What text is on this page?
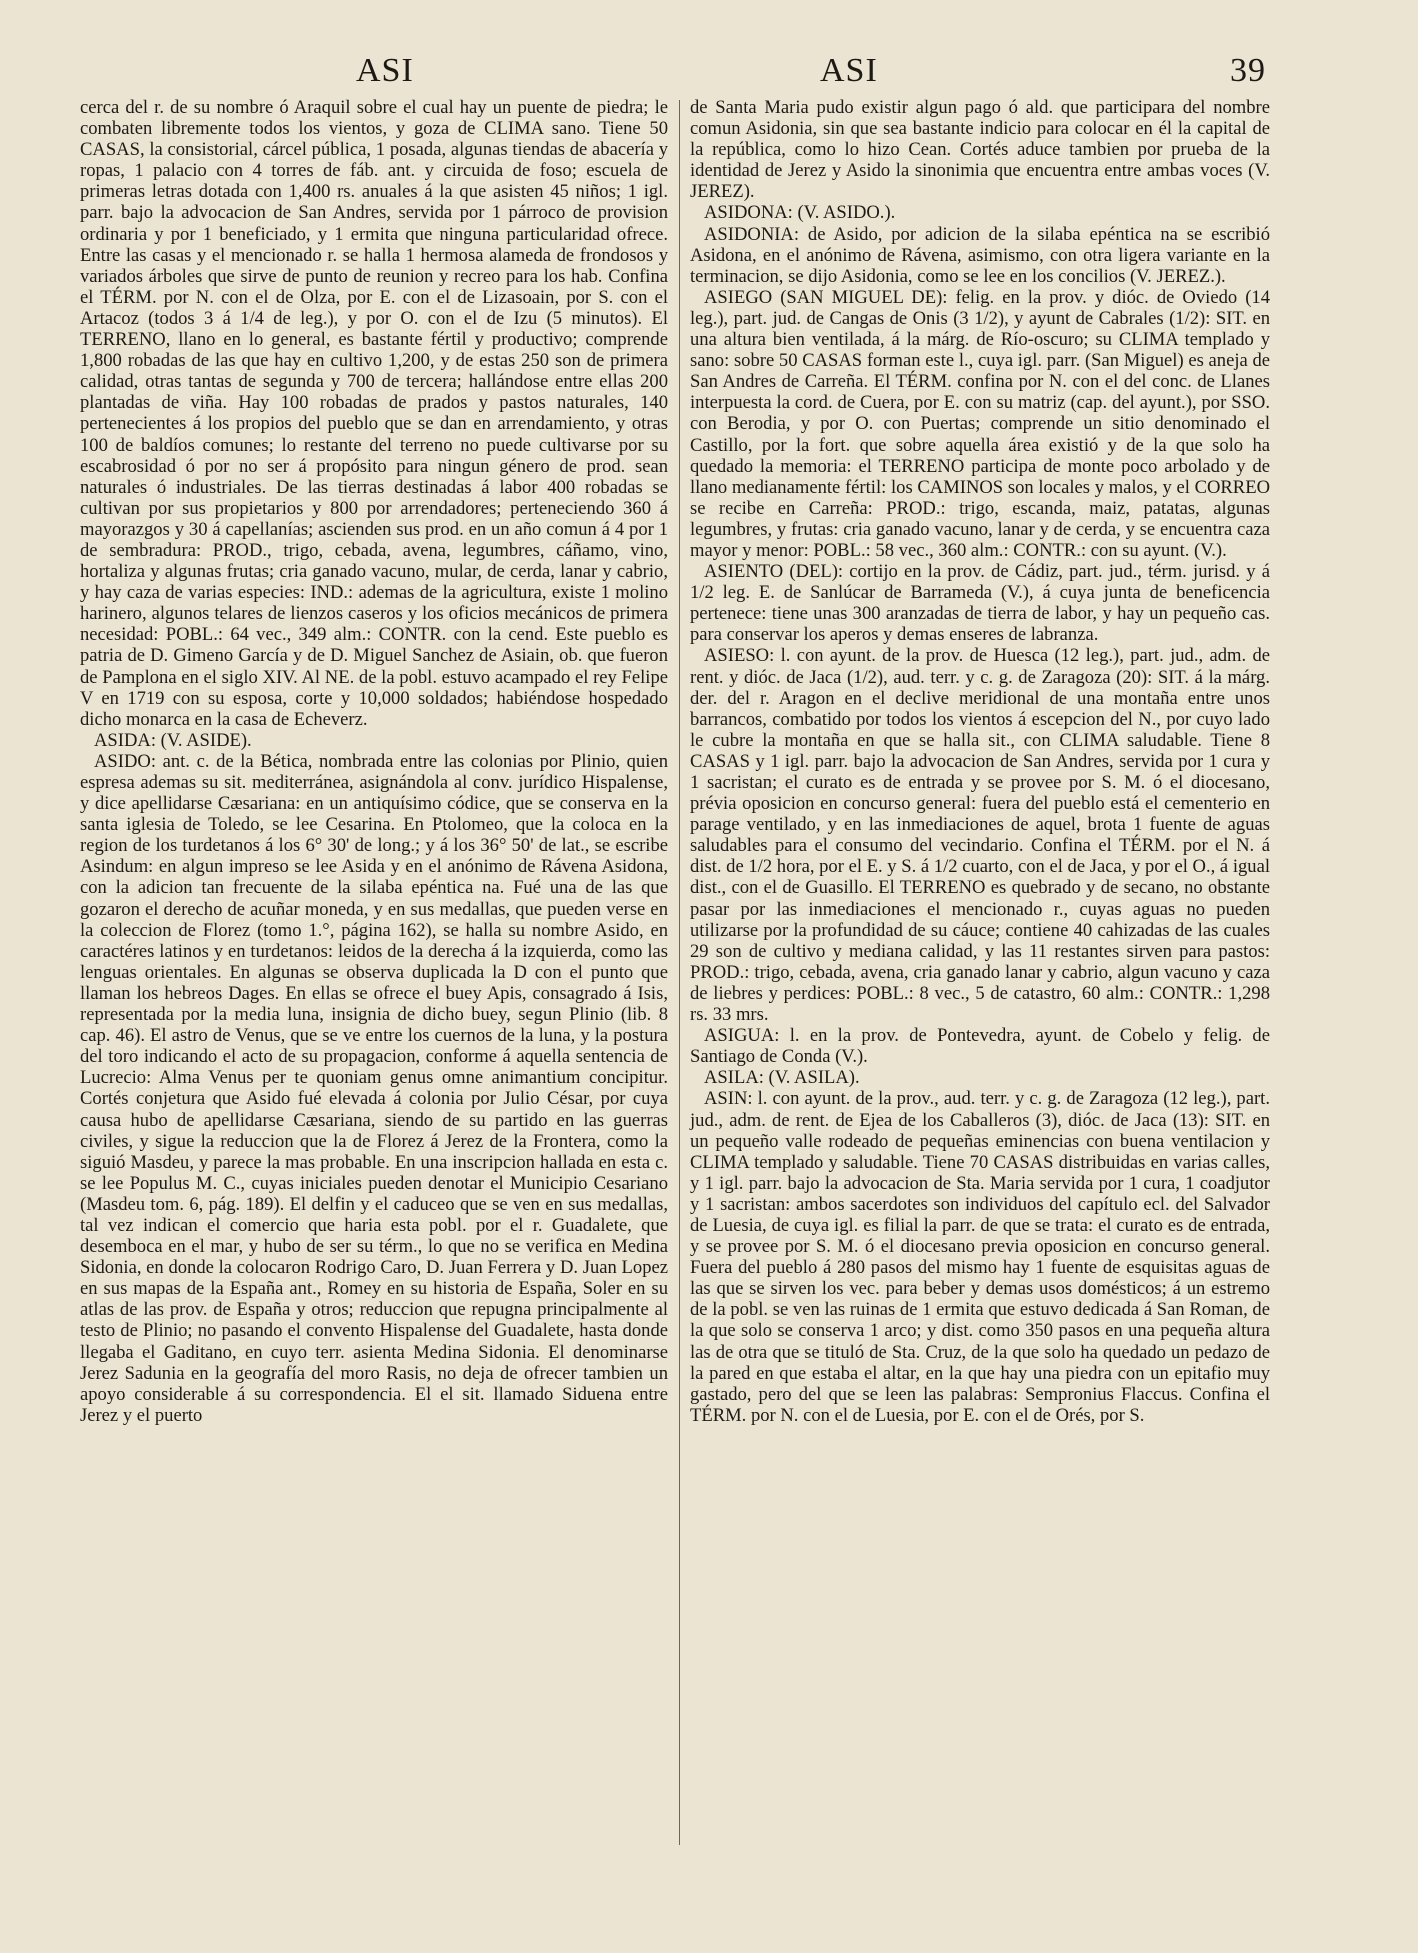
ASI	ASI	39

cerca del r. de su nombre ó Araquil sobre el cual hay un puente de piedra; le combaten libremente todos los vientos, y goza de CLIMA sano. Tiene 50 CASAS, la consistorial, cárcel pública, 1 posada, algunas tiendas de abacería y ropas, 1 palacio con 4 torres de fáb. ant. y circuida de foso; escuela de primeras letras dotada con 1,400 rs. anuales á la que asisten 45 niños; 1 igl. parr. bajo la advocacion de San Andres, servida por 1 párroco de provision ordinaria y por 1 beneficiado, y 1 ermita que ninguna particularidad ofrece. Entre las casas y el mencionado r. se halla 1 hermosa alameda de frondosos y variados árboles que sirve de punto de reunion y recreo para los hab. Confina el TÉRM. por N. con el de Olza, por E. con el de Lizasoain, por S. con el Artacoz (todos 3 á 1/4 de leg.), y por O. con el de Izu (5 minutos). El TERRENO, llano en lo general, es bastante fértil y productivo; comprende 1,800 robadas de las que hay en cultivo 1,200, y de estas 250 son de primera calidad, otras tantas de segunda y 700 de tercera; hallándose entre ellas 200 plantadas de viña. Hay 100 robadas de prados y pastos naturales, 140 pertenecientes á los propios del pueblo que se dan en arrendamiento, y otras 100 de baldíos comunes; lo restante del terreno no puede cultivarse por su escabrosidad ó por no ser á propósito para ningun género de prod. sean naturales ó industriales. De las tierras destinadas á labor 400 robadas se cultivan por sus propietarios y 800 por arrendadores; perteneciendo 360 á mayorazgos y 30 á capellanías; ascienden sus prod. en un año comun á 4 por 1 de sembradura: PROD., trigo, cebada, avena, legumbres, cáñamo, vino, hortaliza y algunas frutas; cria ganado vacuno, mular, de cerda, lanar y cabrio, y hay caza de varias especies: IND.: ademas de la agricultura, existe 1 molino harinero, algunos telares de lienzos caseros y los oficios mecánicos de primera necesidad: POBL.: 64 vec., 349 alm.: CONTR. con la cend. Este pueblo es patria de D. Gimeno García y de D. Miguel Sanchez de Asiain, ob. que fueron de Pamplona en el siglo XIV. Al NE. de la pobl. estuvo acampado el rey Felipe V en 1719 con su esposa, corte y 10,000 soldados; habiéndose hospedado dicho monarca en la casa de Echeverz.

ASIDA: (V. ASIDE).

ASIDO: ant. c. de la Bética, nombrada entre las colonias por Plinio, quien espresa ademas su sit. mediterránea, asignándola al conv. jurídico Hispalense, y dice apellidarse Cæsariana: en un antiquísimo códice, que se conserva en la santa iglesia de Toledo, se lee Cesarina. En Ptolomeo, que la coloca en la region de los turdetanos á los 6° 30' de long.; y á los 36° 50' de lat., se escribe Asindum: en algun impreso se lee Asida y en el anónimo de Rávena Asidona, con la adicion tan frecuente de la silaba epéntica na. Fué una de las que gozaron el derecho de acuñar moneda, y en sus medallas, que pueden verse en la coleccion de Florez (tomo 1.°, página 162), se halla su nombre Asido, en caractéres latinos y en turdetanos: leidos de la derecha á la izquierda, como las lenguas orientales. En algunas se observa duplicada la D con el punto que llaman los hebreos Dages. En ellas se ofrece el buey Apis, consagrado á Isis, representada por la media luna, insignia de dicho buey, segun Plinio (lib. 8 cap. 46). El astro de Venus, que se ve entre los cuernos de la luna, y la postura del toro indicando el acto de su propagacion, conforme á aquella sentencia de Lucrecio: Alma Venus per te quoniam genus omne animantium concipitur. Cortés conjetura que Asido fué elevada á colonia por Julio César, por cuya causa hubo de apellidarse Cæsariana, siendo de su partido en las guerras civiles, y sigue la reduccion que la de Florez á Jerez de la Frontera, como la siguió Masdeu, y parece la mas probable. En una inscripcion hallada en esta c. se lee Populus M. C., cuyas iniciales pueden denotar el Municipio Cesariano (Masdeu tom. 6, pág. 189). El delfin y el caduceo que se ven en sus medallas, tal vez indican el comercio que haria esta pobl. por el r. Guadalete, que desemboca en el mar, y hubo de ser su térm., lo que no se verifica en Medina Sidonia, en donde la colocaron Rodrigo Caro, D. Juan Ferrera y D. Juan Lopez en sus mapas de la España ant., Romey en su historia de España, Soler en su atlas de las prov. de España y otros; reduccion que repugna principalmente al testo de Plinio; no pasando el convento Hispalense del Guadalete, hasta donde llegaba el Gaditano, en cuyo terr. asienta Medina Sidonia. El denominarse Jerez Sadunia en la geografía del moro Rasis, no deja de ofrecer tambien un apoyo considerable á su correspondencia. El el sit. llamado Siduena entre Jerez y el puerto

de Santa Maria pudo existir algun pago ó ald. que participara del nombre comun Asidonia, sin que sea bastante indicio para colocar en él la capital de la república, como lo hizo Cean. Cortés aduce tambien por prueba de la identidad de Jerez y Asido la sinonimia que encuentra entre ambas voces (V. JEREZ).

ASIDONA: (V. ASIDO.).

ASIDONIA: de Asido, por adicion de la silaba epéntica na se escribió Asidona, en el anónimo de Rávena, asimismo, con otra ligera variante en la terminacion, se dijo Asidonia, como se lee en los concilios (V. JEREZ.).

ASIEGO (SAN MIGUEL DE): felig. en la prov. y dióc. de Oviedo (14 leg.), part. jud. de Cangas de Onis (3 1/2), y ayunt de Cabrales (1/2): SIT. en una altura bien ventilada, á la márg. de Río-oscuro; su CLIMA templado y sano: sobre 50 CASAS forman este l., cuya igl. parr. (San Miguel) es aneja de San Andres de Carreña. El TÉRM. confina por N. con el del conc. de Llanes interpuesta la cord. de Cuera, por E. con su matriz (cap. del ayunt.), por SSO. con Berodia, y por O. con Puertas; comprende un sitio denominado el Castillo, por la fort. que sobre aquella área existió y de la que solo ha quedado la memoria: el TERRENO participa de monte poco arbolado y de llano medianamente fértil: los CAMINOS son locales y malos, y el CORREO se recibe en Carreña: PROD.: trigo, escanda, maiz, patatas, algunas legumbres, y frutas: cria ganado vacuno, lanar y de cerda, y se encuentra caza mayor y menor: POBL.: 58 vec., 360 alm.: CONTR.: con su ayunt. (V.).

ASIENTO (DEL): cortijo en la prov. de Cádiz, part. jud., térm. jurisd. y á 1/2 leg. E. de Sanlúcar de Barrameda (V.), á cuya junta de beneficencia pertenece: tiene unas 300 aranzadas de tierra de labor, y hay un pequeño cas. para conservar los aperos y demas enseres de labranza.

ASIESO: l. con ayunt. de la prov. de Huesca (12 leg.), part. jud., adm. de rent. y dióc. de Jaca (1/2), aud. terr. y c. g. de Zaragoza (20): SIT. á la márg. der. del r. Aragon en el declive meridional de una montaña entre unos barrancos, combatido por todos los vientos á escepcion del N., por cuyo lado le cubre la montaña en que se halla sit., con CLIMA saludable. Tiene 8 CASAS y 1 igl. parr. bajo la advocacion de San Andres, servida por 1 cura y 1 sacristan; el curato es de entrada y se provee por S. M. ó el diocesano, prévia oposicion en concurso general: fuera del pueblo está el cementerio en parage ventilado, y en las inmediaciones de aquel, brota 1 fuente de aguas saludables para el consumo del vecindario. Confina el TÉRM. por el N. á dist. de 1/2 hora, por el E. y S. á 1/2 cuarto, con el de Jaca, y por el O., á igual dist., con el de Guasillo. El TERRENO es quebrado y de secano, no obstante pasar por las inmediaciones el mencionado r., cuyas aguas no pueden utilizarse por la profundidad de su cáuce; contiene 40 cahizadas de las cuales 29 son de cultivo y mediana calidad, y las 11 restantes sirven para pastos: PROD.: trigo, cebada, avena, cria ganado lanar y cabrio, algun vacuno y caza de liebres y perdices: POBL.: 8 vec., 5 de catastro, 60 alm.: CONTR.: 1,298 rs. 33 mrs.

ASIGUA: l. en la prov. de Pontevedra, ayunt. de Cobelo y felig. de Santiago de Conda (V.).

ASILA: (V. ASILA).

ASIN: l. con ayunt. de la prov., aud. terr. y c. g. de Zaragoza (12 leg.), part. jud., adm. de rent. de Ejea de los Caballeros (3), dióc. de Jaca (13): SIT. en un pequeño valle rodeado de pequeñas eminencias con buena ventilacion y CLIMA templado y saludable. Tiene 70 CASAS distribuidas en varias calles, y 1 igl. parr. bajo la advocacion de Sta. Maria servida por 1 cura, 1 coadjutor y 1 sacristan: ambos sacerdotes son individuos del capítulo ecl. del Salvador de Luesia, de cuya igl. es filial la parr. de que se trata: el curato es de entrada, y se provee por S. M. ó el diocesano previa oposicion en concurso general. Fuera del pueblo á 280 pasos del mismo hay 1 fuente de esquisitas aguas de las que se sirven los vec. para beber y demas usos domésticos; á un estremo de la pobl. se ven las ruinas de 1 ermita que estuvo dedicada á San Roman, de la que solo se conserva 1 arco; y dist. como 350 pasos en una pequeña altura las de otra que se tituló de Sta. Cruz, de la que solo ha quedado un pedazo de la pared en que estaba el altar, en la que hay una piedra con un epitafio muy gastado, pero del que se leen las palabras: Sempronius Flaccus. Confina el TÉRM. por N. con el de Luesia, por E. con el de Orés, por S.
